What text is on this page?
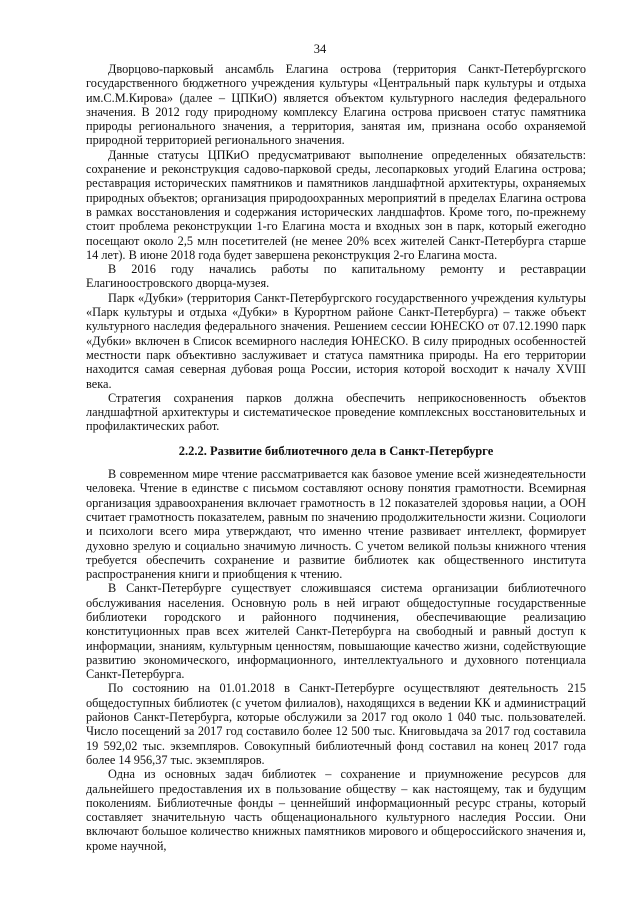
34

Дворцово-парковый ансамбль Елагина острова (территория Санкт-Петербургского государственного бюджетного учреждения культуры «Центральный парк культуры и отдыха им.С.М.Кирова» (далее – ЦПКиО) является объектом культурного наследия федерального значения. В 2012 году природному комплексу Елагина острова присвоен статус памятника природы регионального значения, а территория, занятая им, признана особо охраняемой природной территорией регионального значения.

Данные статусы ЦПКиО предусматривают выполнение определенных обязательств: сохранение и реконструкция садово-парковой среды, лесопарковых угодий Елагина острова; реставрация исторических памятников и памятников ландшафтной архитектуры, охраняемых природных объектов; организация природоохранных мероприятий в пределах Елагина острова в рамках восстановления и содержания исторических ландшафтов. Кроме того, по-прежнему стоит проблема реконструкции 1-го Елагина моста и входных зон в парк, который ежегодно посещают около 2,5 млн посетителей (не менее 20% всех жителей Санкт-Петербурга старше 14 лет). В июне 2018 года будет завершена реконструкция 2-го Елагина моста.

В 2016 году начались работы по капитальному ремонту и реставрации Елагиноостровского дворца-музея.

Парк «Дубки» (территория Санкт-Петербургского государственного учреждения культуры «Парк культуры и отдыха «Дубки» в Курортном районе Санкт-Петербурга) – также объект культурного наследия федерального значения. Решением сессии ЮНЕСКО от 07.12.1990 парк «Дубки» включен в Список всемирного наследия ЮНЕСКО. В силу природных особенностей местности парк объективно заслуживает и статуса памятника природы. На его территории находится самая северная дубовая роща России, история которой восходит к началу XVIII века.

Стратегия сохранения парков должна обеспечить неприкосновенность объектов ландшафтной архитектуры и систематическое проведение комплексных восстановительных и профилактических работ.

2.2.2. Развитие библиотечного дела в Санкт-Петербурге

В современном мире чтение рассматривается как базовое умение всей жизнедеятельности человека. Чтение в единстве с письмом составляют основу понятия грамотности. Всемирная организация здравоохранения включает грамотность в 12 показателей здоровья нации, а ООН считает грамотность показателем, равным по значению продолжительности жизни. Социологи и психологи всего мира утверждают, что именно чтение развивает интеллект, формирует духовно зрелую и социально значимую личность. С учетом великой пользы книжного чтения требуется обеспечить сохранение и развитие библиотек как общественного института распространения книги и приобщения к чтению.

В Санкт-Петербурге существует сложившаяся система организации библиотечного обслуживания населения. Основную роль в ней играют общедоступные государственные библиотеки городского и районного подчинения, обеспечивающие реализацию конституционных прав всех жителей Санкт-Петербурга на свободный и равный доступ к информации, знаниям, культурным ценностям, повышающие качество жизни, содействующие развитию экономического, информационного, интеллектуального и духовного потенциала Санкт-Петербурга.

По состоянию на 01.01.2018 в Санкт-Петербурге осуществляют деятельность 215 общедоступных библиотек (с учетом филиалов), находящихся в ведении КК и администраций районов Санкт-Петербурга, которые обслужили за 2017 год около 1 040 тыс. пользователей. Число посещений за 2017 год составило более 12 500 тыс. Книговыдача за 2017 год составила 19 592,02 тыс. экземпляров. Совокупный библиотечный фонд составил на конец 2017 года более 14 956,37 тыс. экземпляров.

Одна из основных задач библиотек – сохранение и приумножение ресурсов для дальнейшего предоставления их в пользование обществу – как настоящему, так и будущим поколениям. Библиотечные фонды – ценнейший информационный ресурс страны, который составляет значительную часть общенационального культурного наследия России. Они включают большое количество книжных памятников мирового и общероссийского значения и, кроме научной,
